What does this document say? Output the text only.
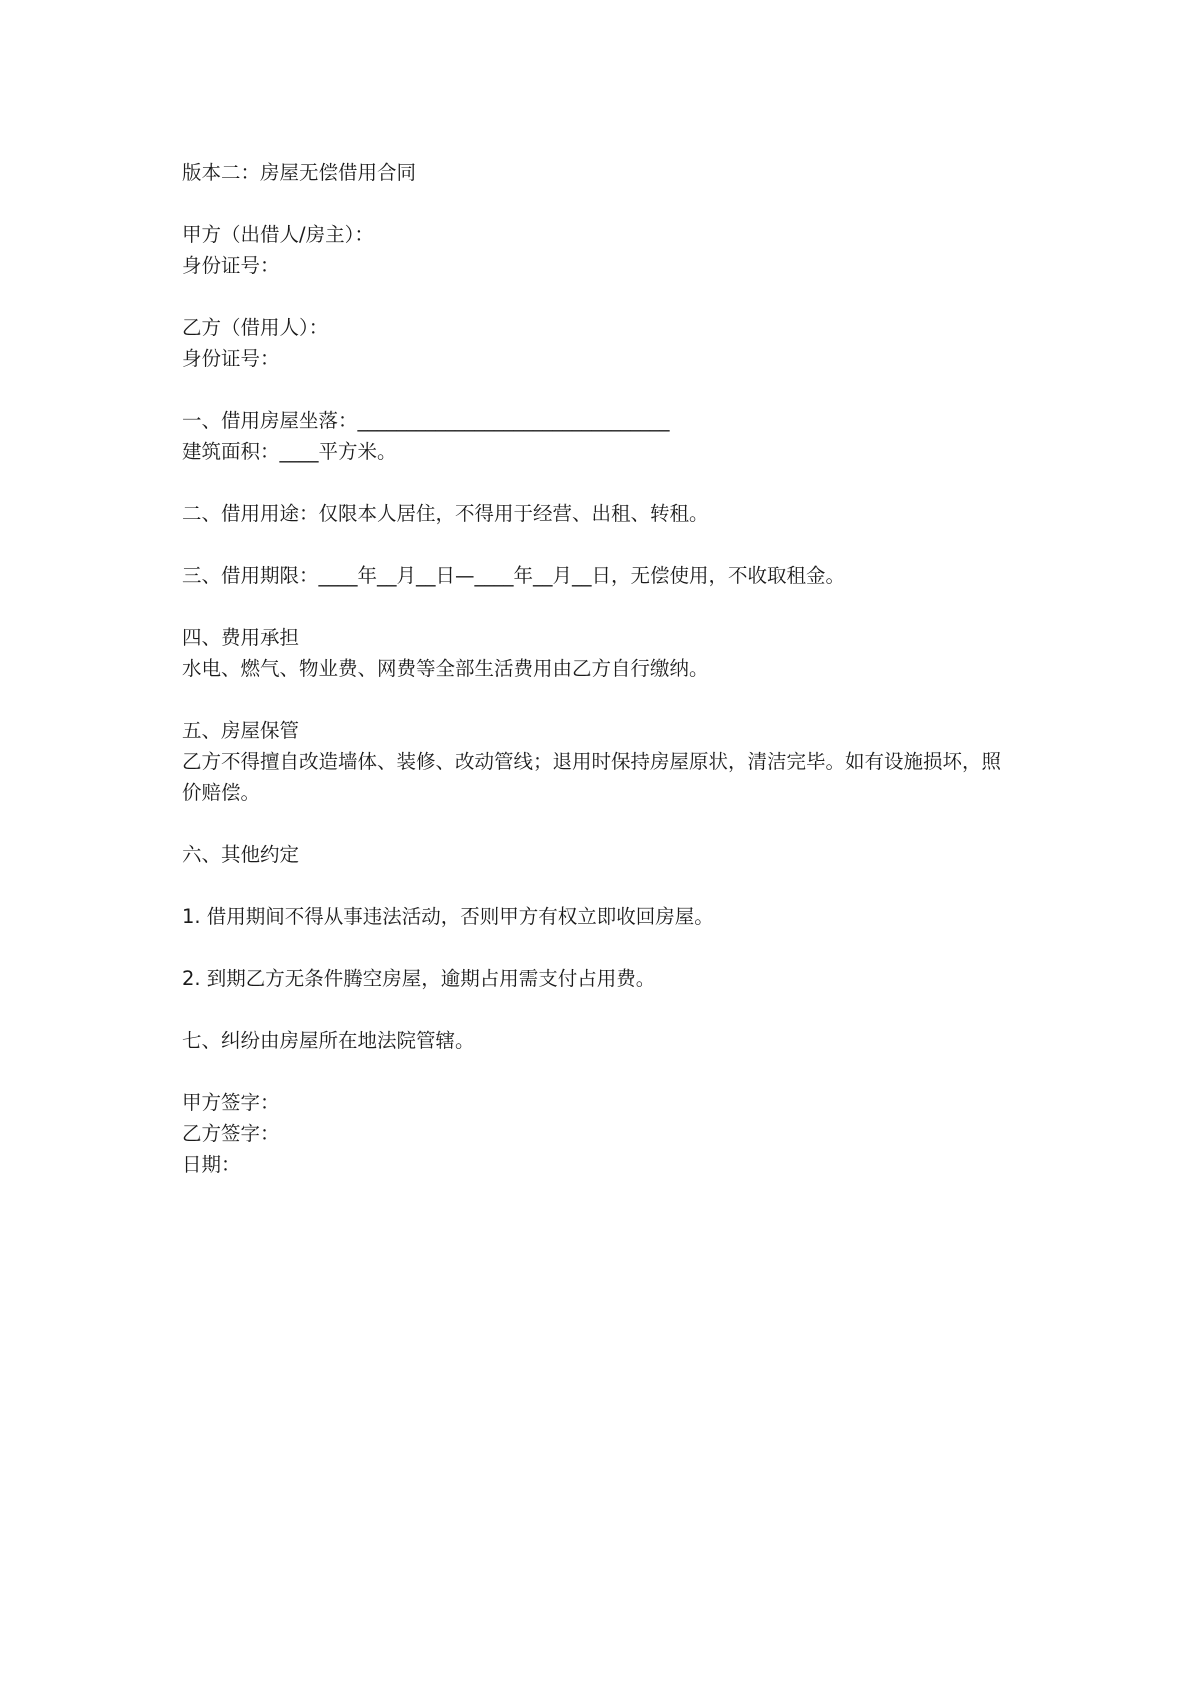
版本二：房屋无偿借用合同
甲方（出借人/房主）：
身份证号：
乙方（借用人）：
身份证号：
一、借用房屋坐落：________________________________
建筑面积：____平方米。
二、借用用途：仅限本人居住，不得用于经营、出租、转租。
三、借用期限：____年__月__日—____年__月__日，无偿使用，不收取租金。
四、费用承担
水电、燃气、物业费、网费等全部生活费用由乙方自行缴纳。
五、房屋保管
乙方不得擅自改造墙体、装修、改动管线；退用时保持房屋原状，清洁完毕。如有设施损坏，照价赔偿。
六、其他约定
1. 借用期间不得从事违法活动，否则甲方有权立即收回房屋。
2. 到期乙方无条件腾空房屋，逾期占用需支付占用费。
七、纠纷由房屋所在地法院管辖。
甲方签字：
乙方签字：
日期：
